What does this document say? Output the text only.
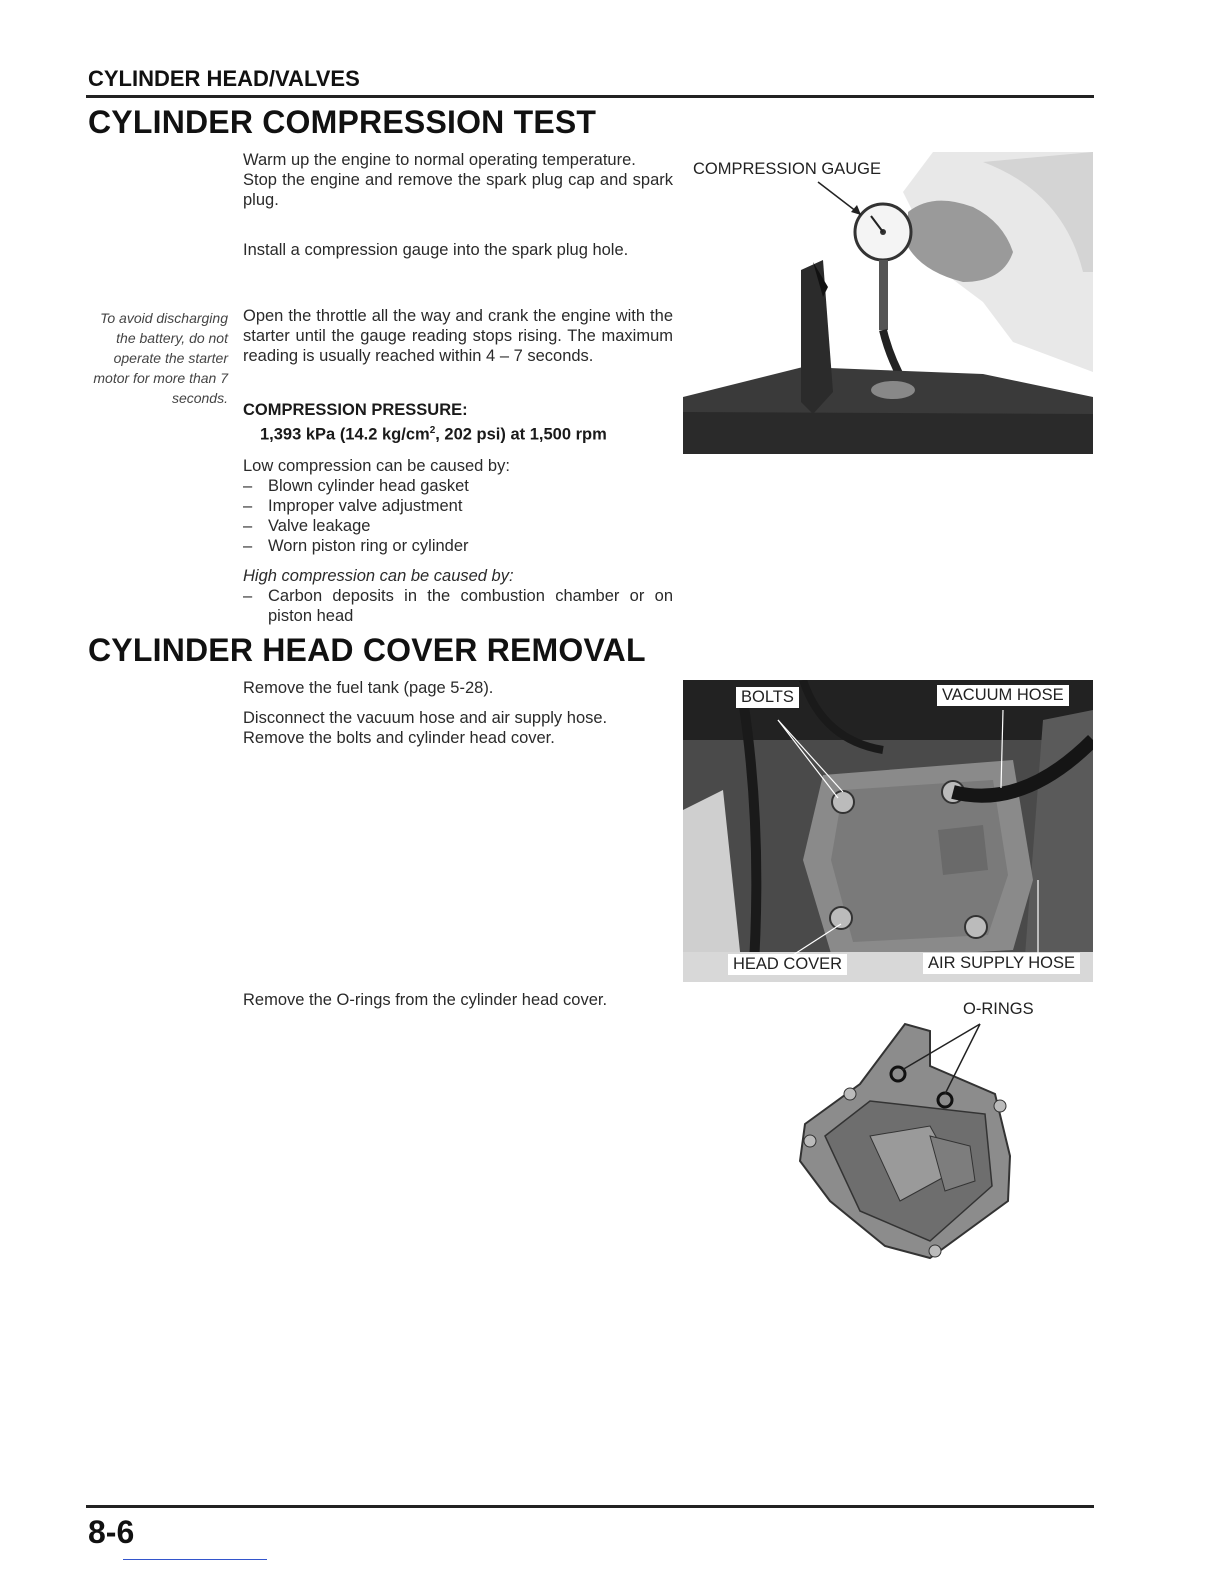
CYLINDER HEAD/VALVES
CYLINDER COMPRESSION TEST

Warm up the engine to normal operating temperature.

Stop the engine and remove the spark plug cap and spark plug.

Install a compression gauge into the spark plug hole.
To avoid discharging the battery, do not operate the starter motor for more than 7 seconds.
Open the throttle all the way and crank the engine with the starter until the gauge reading stops rising. The maximum reading is usually reached within 4 – 7 seconds.
COMPRESSION PRESSURE:
1,393 kPa (14.2 $kg/cm^2$, 202 psi) at 1,500 rpm

Low compression can be caused by:

– Blown cylinder head gasket
– Improper valve adjustment
– Valve leakage
– Worn piston ring or cylinder

High compression can be caused by:

– Carbon deposits in the combustion chamber or on piston head
COMPRESSION GAUGE
CYLINDER HEAD COVER REMOVAL
Remove the fuel tank (page 5-28).

Disconnect the vacuum hose and air supply hose.

Remove the bolts and cylinder head cover.

Remove the O-rings from the cylinder head cover.
BOLTS	VACUUM HOSE
HEAD COVER	AIR SUPPLY HOSE
O-RINGS
8-6
